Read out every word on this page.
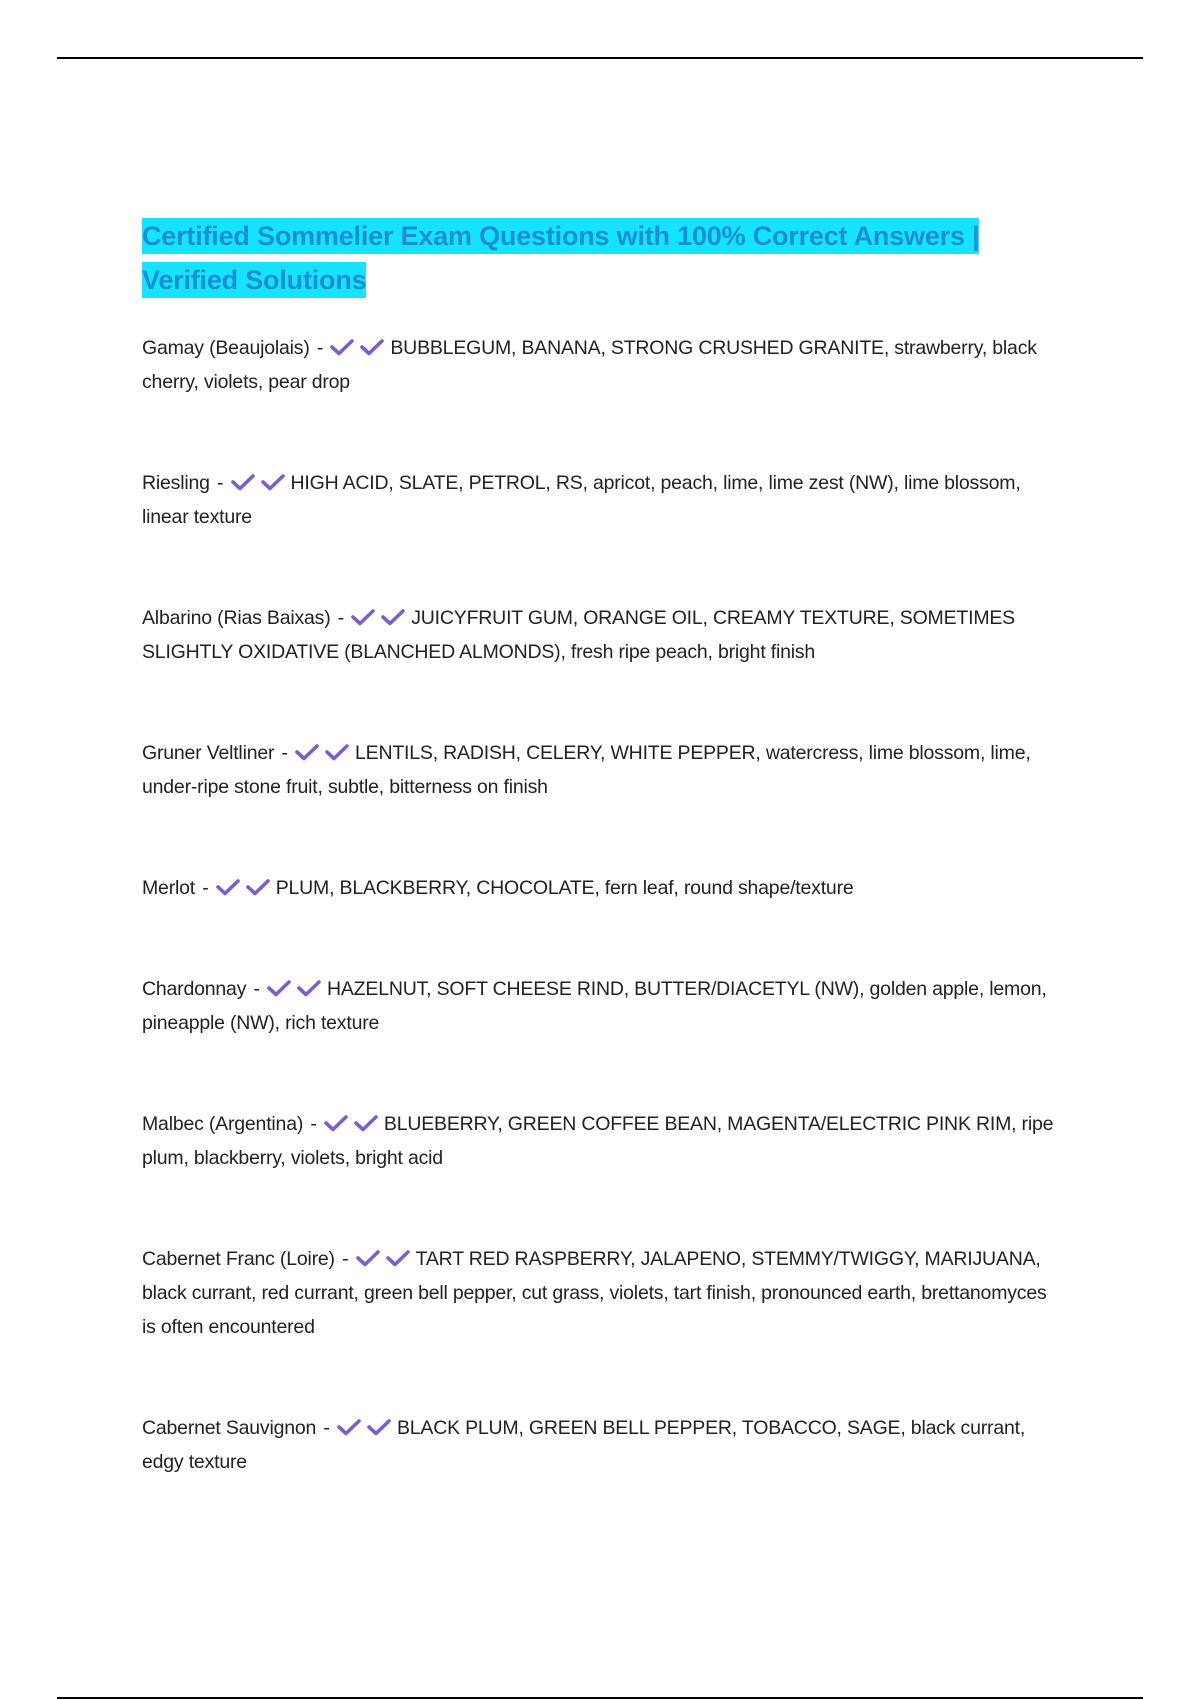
Certified Sommelier Exam Questions with 100% Correct Answers | Verified Solutions

Gamay (Beaujolais) -	BUBBLEGUM, BANANA, STRONG CRUSHED GRANITE, strawberry, black cherry, violets, pear drop

Riesling -	HIGH ACID, SLATE, PETROL, RS, apricot, peach, lime, lime zest (NW), lime blossom, linear texture

Albarino (Rias Baixas) -	JUICYFRUIT GUM, ORANGE OIL, CREAMY TEXTURE, SOMETIMES SLIGHTLY OXIDATIVE (BLANCHED ALMONDS), fresh ripe peach, bright finish

Gruner Veltliner -	LENTILS, RADISH, CELERY, WHITE PEPPER, watercress, lime blossom, lime, under-ripe stone fruit, subtle, bitterness on finish

Merlot -	PLUM, BLACKBERRY, CHOCOLATE, fern leaf, round shape/texture

Chardonnay -	HAZELNUT, SOFT CHEESE RIND, BUTTER/DIACETYL (NW), golden apple, lemon, pineapple (NW), rich texture

Malbec (Argentina) -	BLUEBERRY, GREEN COFFEE BEAN, MAGENTA/ELECTRIC PINK RIM, ripe plum, blackberry, violets, bright acid

Cabernet Franc (Loire) -	TART RED RASPBERRY, JALAPENO, STEMMY/TWIGGY, MARIJUANA, black currant, red currant, green bell pepper, cut grass, violets, tart finish, pronounced earth, brettanomyces is often encountered

Cabernet Sauvignon -	BLACK PLUM, GREEN BELL PEPPER, TOBACCO, SAGE, black currant, edgy texture
